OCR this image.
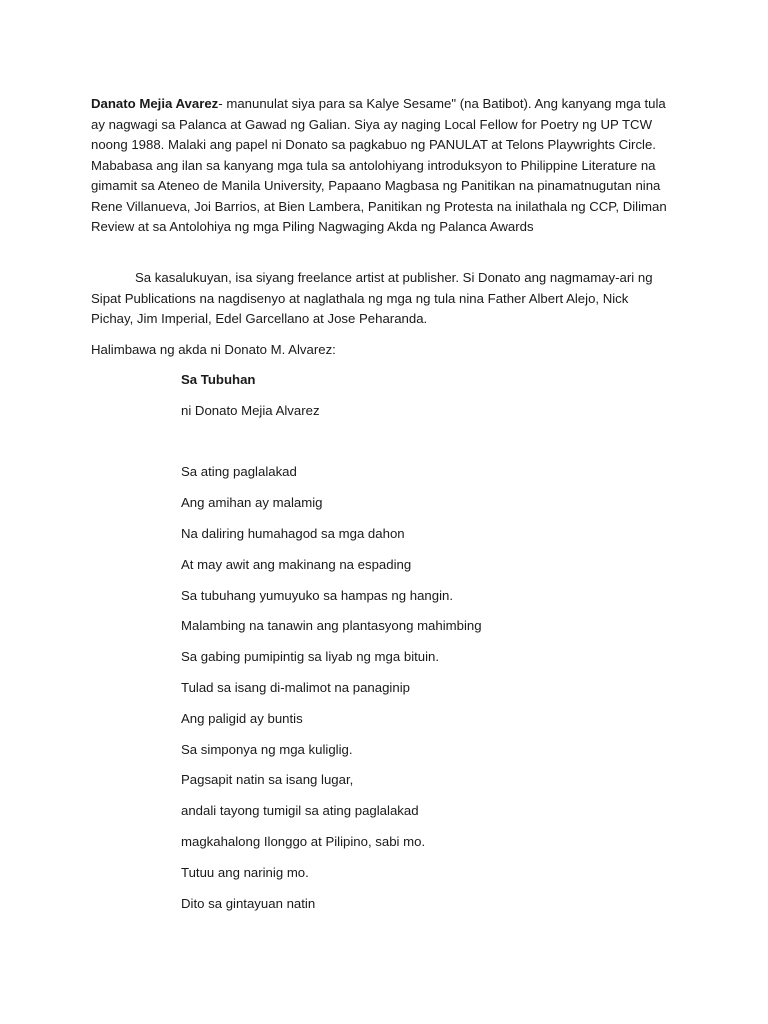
Danato Mejia Avarez- manunulat siya para sa Kalye Sesame" (na Batibot). Ang kanyang mga tula ay nagwagi sa Palanca at Gawad ng Galian. Siya ay naging Local Fellow for Poetry ng UP TCW noong 1988. Malaki ang papel ni Donato sa pagkabuo ng PANULAT at Telons Playwrights Circle. Mababasa ang ilan sa kanyang mga tula sa antolohiyang introduksyon to Philippine Literature na gimamit sa Ateneo de Manila University, Papaano Magbasa ng Panitikan na pinamatnugutan nina Rene Villanueva, Joi Barrios, at Bien Lambera, Panitikan ng Protesta na inilathala ng CCP, Diliman Review at sa Antolohiya ng mga Piling Nagwaging Akda ng Palanca Awards

Sa kasalukuyan, isa siyang freelance artist at publisher. Si Donato ang nagmamay-ari ng Sipat Publications na nagdisenyo at naglathala ng mga ng tula nina Father Albert Alejo, Nick Pichay, Jim Imperial, Edel Garcellano at Jose Peharanda.

Halimbawa ng akda ni Donato M. Alvarez:

Sa Tubuhan
ni Donato Mejia Alvarez
Sa ating paglalakad
Ang amihan ay malamig
Na daliring humahagod sa mga dahon
At may awit ang makinang na espading
Sa tubuhang yumuyuko sa hampas ng hangin.
Malambing na tanawin ang plantasyong mahimbing
Sa gabing pumipintig sa liyab ng mga bituin.
Tulad sa isang di-malimot na panaginip
Ang paligid ay buntis
Sa simponya ng mga kuliglig.
Pagsapit natin sa isang lugar,
andali tayong tumigil sa ating paglalakad
magkahalong Ilonggo at Pilipino, sabi mo.
Tutuu ang narinig mo.
Dito sa gintayuan natin
